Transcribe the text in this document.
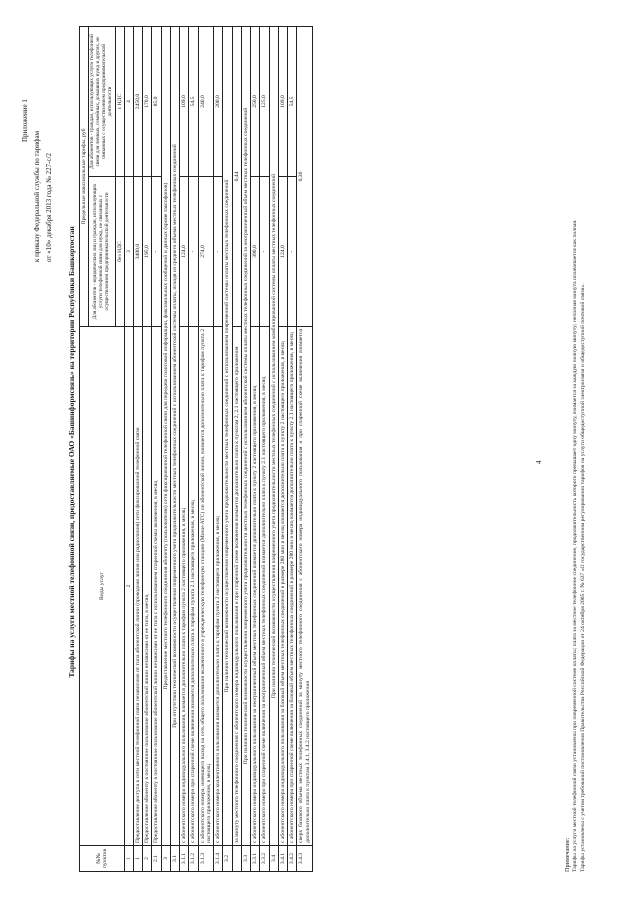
Приложение 1
к приказу Федеральной службы по тарифам от «10» декабря 2013 года № 227-с/2
Тарифы на услуги местной телефонной связи, предоставляемые ОАО «Башинформсвязь» на территории Республики Башкортостан
№№ пунктов	Виды услуг	Предельные максимальные тарифы, руб	
		Для абонентов - юридических лиц и граждан, использующих услуги телефонной связи для нужд, не связанных с осуществлением предпринимательской деятельности	Для абонентов - граждан, использующих услуги телефонной связи для личных, семейных, домашних нужд и других, не связанных с осуществлением предпринимательской деятельности
		без НДС	с НДС
1	2	3	4
1	Предоставление доступа к сети местной телефонной связи независимо от типа абонентской линии (проводная линия или радиолиния) сети фиксированной телефонной связи	3400,0	2450,0
2	Предоставление абоненту в постоянное пользование абонентской линии независимо от ее типа, в месяц	195,0	170,0
2.1	Предоставление абоненту в постоянное пользование абонентской линии независимо от ее типа с использованием спаренной схемы включения, в месяц	-	85,0
3	Предоставление местного телефонного соединения абоненту (пользователю) сети фиксированной телефонной связи для передачи голосовой информации, факсимильных сообщений и данных (кроме таксофонов)		
3.1	При отсутствии технической возможности осуществления повременного учета продолжительности местных телефонных соединений с использованием абонентской системы оплаты, исходя из среднего объема местных телефонных соединений		
3.1.1	с абонентского номера индивидуального пользования, взимается дополнительно плата к тарифам пункта 2 настоящего приложения, в месяц	124,0	109,0
3.1.2	с абонентского номера при спаренной схеме включения взимается дополнительно плата к тарифам пункта 2.1 настоящего приложения, в месяц	-	54,5
3.1.3	с абонентского номера, имеющего выход на сеть общего пользования включенного в учрежденческую телефонную станцию (Мини-АТС) по абонентской линии, взимается дополнительно плата к тарифам пункта 2 настоящего приложения, в месяц	274,0	240,0
3.1.4	с абонентского номера коллективного пользования взимается дополнительно плата к тарифам пункта 2 настоящего приложения, в месяц	-	200,0
3.2	При наличии технической возможности осуществления повременного учета продолжительности местных телефонных соединений с использованием повременной системы оплаты местных телефонных соединений		
	за минуту местного телефонного соединения с абонентского номера индивидуального пользования и при спаренной схеме включения взимается дополнительно плата к пунктам 2, 2.1 настоящего приложения	0,44	
3.3	При наличии технической возможности осуществления повременного учета продолжительности местных телефонных соединений с использованием абонентской системы оплаты местных телефонных соединений за неограниченный объем местных телефонных соединений		
3.3.1	с абонентского номера индивидуального пользования за неограниченный объем местных телефонных соединений взимается дополнительно плата к пункту 2 настоящего приложения, в месяц	390,0	250,0
3.3.2	с абонентского номера при спаренной схеме включения за неограниченный объем местных телефонных соединений взимается дополнительно плата к пункту 2.1 настоящего приложения, в месяц	-	125,0
3.4	При наличии технической возможности осуществления повременного учета продолжительности местных телефонных соединений с использованием комбинированной системы оплаты местных телефонных соединений		
3.4.1	с абонентского номера индивидуального пользования за базовый объем местных телефонных соединений в размере 280 мин в месяц взимается дополнительно плата к пункту 2 настоящего приложения, в месяц	124,0	109,0
3.4.2	с абонентского номера при спаренной схеме включения за базовый объем местных телефонных соединений в размере 280 мин в месяц взимается дополнительно плата к пункту 2.1 настоящего приложения, в месяц	-	54,5
3.4.3	сверх базового объема местных телефонных соединений за минуту местного телефонного соединения с абонентского номера индивидуального пользования и при спаренной схеме включения взимается дополнительно плата к пунктам 3.4.1, 3.4.2 настоящего приложения	0,36	
4

Примечание: Тарифы на услуги местной телефонной связи установлены при повременной системе оплаты; плата за местное телефонное соединение, продолжительность которого превышает одну минуту, взимается за каждую полную минуту; неполная минута оплачивается как полная. Тарифы установлены с учетом требований постановления Правительства Российской Федерации от 24 октября 2005 г. № 637 «О государственном регулировании тарифов на услуги общедоступной электросвязи и общедоступной почтовой связи».
